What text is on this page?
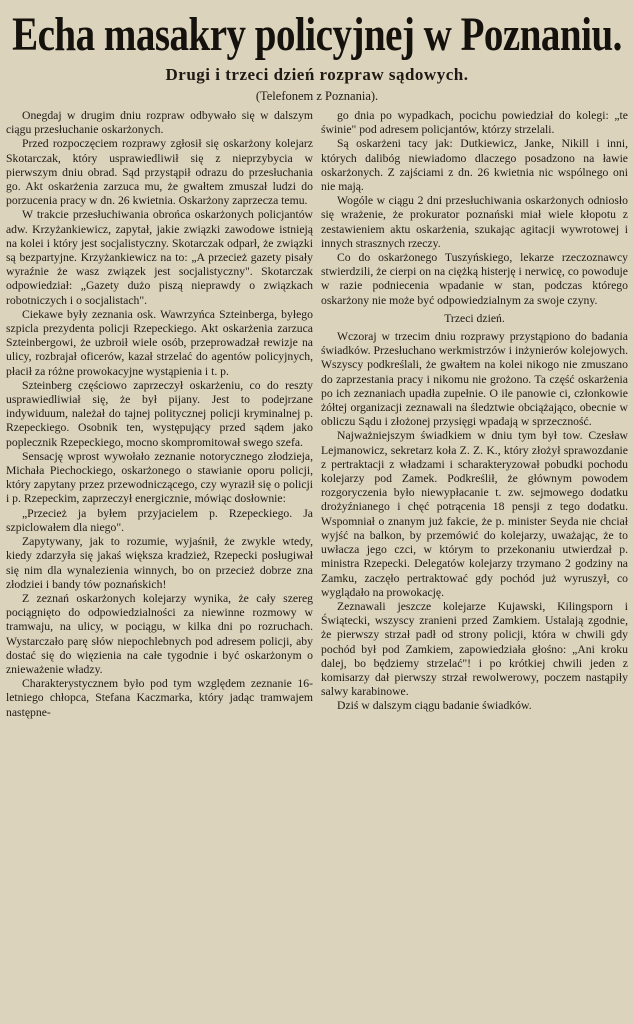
Echa masakry policyjnej w Poznaniu.
Drugi i trzeci dzień rozpraw sądowych.
(Telefonem z Poznania).

Onegdaj w drugim dniu rozpraw odbywało się w dalszym ciągu przesłuchanie oskarżonych.

Przed rozpoczęciem rozprawy zgłosił się oskarżony kolejarz Skotarczak, który usprawiedliwił się z nieprzybycia w pierwszym dniu obrad. Sąd przystąpił odrazu do przesłuchania go. Akt oskarżenia zarzuca mu, że gwałtem zmuszał ludzi do porzucenia pracy w dn. 26 kwietnia. Oskarżony zaprzecza temu.

W trakcie przesłuchiwania obrońca oskarżonych policjantów adw. Krzyżankiewicz, zapytał, jakie związki zawodowe istnieją na kolei i który jest socjalistyczny. Skotarczak odparł, że związki są bezpartyjne. Krzyżankiewicz na to: „A przecież gazety pisały wyraźnie że wasz związek jest socjalistyczny". Skotarczak odpowiedział: „Gazety dużo piszą nieprawdy o związkach robotniczych i o socjalistach".

Ciekawe były zeznania osk. Wawrzyńca Szteinberga, byłego szpicla prezydenta policji Rzepeckiego. Akt oskarżenia zarzuca Szteinbergowi, że uzbroił wiele osób, przeprowadzał rewizje na ulicy, rozbrajał oficerów, kazał strzelać do agentów policyjnych, płacił za różne prowokacyjne wystąpienia i t. p.

Szteinberg częściowo zaprzeczył oskarżeniu, co do reszty usprawiedliwiał się, że był pijany. Jest to podejrzane indywiduum, należał do tajnej politycznej policji kryminalnej p. Rzepeckiego. Osobnik ten, występujący przed sądem jako poplecznik Rzepeckiego, mocno skompromitował swego szefa.

Sensację wprost wywołało zeznanie notorycznego złodzieja, Michała Piechockiego, oskarżonego o stawianie oporu policji, który zapytany przez przewodniczącego, czy wyraził się o policji i p. Rzepeckim, zaprzeczył energicznie, mówiąc dosłownie:

„Przecież ja byłem przyjacielem p. Rzepeckiego. Ja szpiclowałem dla niego".

Zapytywany, jak to rozumie, wyjaśnił, że zwykle wtedy, kiedy zdarzyła się jakaś większa kradzież, Rzepecki posługiwał się nim dla wynalezienia winnych, bo on przecież dobrze zna złodziei i bandy tów poznańskich!

Z zeznań oskarżonych kolejarzy wynika, że cały szereg pociągnięto do odpowiedzialności za niewinne rozmowy w tramwaju, na ulicy, w pociągu, w kilka dni po rozruchach. Wystarczało parę słów niepochlebnych pod adresem policji, aby dostać się do więzienia na całe tygodnie i być oskarżonym o znieważenie władzy.

Charakterystycznem było pod tym względem zeznanie 16-letniego chłopca, Stefana Kaczmarka, który jadąc tramwajem następne-

go dnia po wypadkach, pocichu powiedział do kolegi: „te świnie" pod adresem policjantów, którzy strzelali.

Są oskarżeni tacy jak: Dutkiewicz, Janke, Nikill i inni, których dalibóg niewiadomo dlaczego posadzono na ławie oskarżonych. Z zajściami z dn. 26 kwietnia nic wspólnego oni nie mają.

Wogóle w ciągu 2 dni przesłuchiwania oskarżonych odniosło się wrażenie, że prokurator poznański miał wiele kłopotu z zestawieniem aktu oskarżenia, szukając agitacji wywrotowej i innych strasznych rzeczy.

Co do oskarżonego Tuszyńskiego, lekarze rzeczoznawcy stwierdzili, że cierpi on na ciężką histerję i nerwicę, co powoduje w razie podniecenia wpadanie w stan, podczas którego oskarżony nie może być odpowiedzialnym za swoje czyny.

Trzeci dzień.

Wczoraj w trzecim dniu rozprawy przystąpiono do badania świadków. Przesłuchano werkmistrzów i inżynierów kolejowych. Wszyscy podkreślali, że gwałtem na kolei nikogo nie zmuszano do zaprzestania pracy i nikomu nie grożono. Ta część oskarżenia po ich zeznaniach upadła zupełnie. O ile panowie ci, członkowie żółtej organizacji zeznawali na śledztwie obciążająco, obecnie w obliczu Sądu i złożonej przysięgi wpadają w sprzeczność.

Najważniejszym świadkiem w dniu tym był tow. Czesław Lejmanowicz, sekretarz koła Z. Z. K., który złożył sprawozdanie z pertraktacji z władzami i scharakteryzował pobudki pochodu kolejarzy pod Zamek. Podkreślił, że głównym powodem rozgoryczenia było niewypłacanie t. zw. sejmowego dodatku drożyźnianego i chęć potrącenia 18 pensji z tego dodatku. Wspomniał o znanym już fakcie, że p. minister Seyda nie chciał wyjść na balkon, by przemówić do kolejarzy, uważając, że to uwłacza jego czci, w którym to przekonaniu utwierdzał p. ministra Rzepecki. Delegatów kolejarzy trzymano 2 godziny na Zamku, zaczęło pertraktować gdy pochód już wyruszył, co wyglądało na prowokację.

Zeznawali jeszcze kolejarze Kujawski, Kilingsporn i Świątecki, wszyscy zranieni przed Zamkiem. Ustalają zgodnie, że pierwszy strzał padł od strony policji, która w chwili gdy pochód był pod Zamkiem, zapowiedziała głośno: „Ani kroku dalej, bo będziemy strzelać"! i po krótkiej chwili jeden z komisarzy dał pierwszy strzał rewolwerowy, poczem nastąpiły salwy karabinowe.

Dziś w dalszym ciągu badanie świadków.
